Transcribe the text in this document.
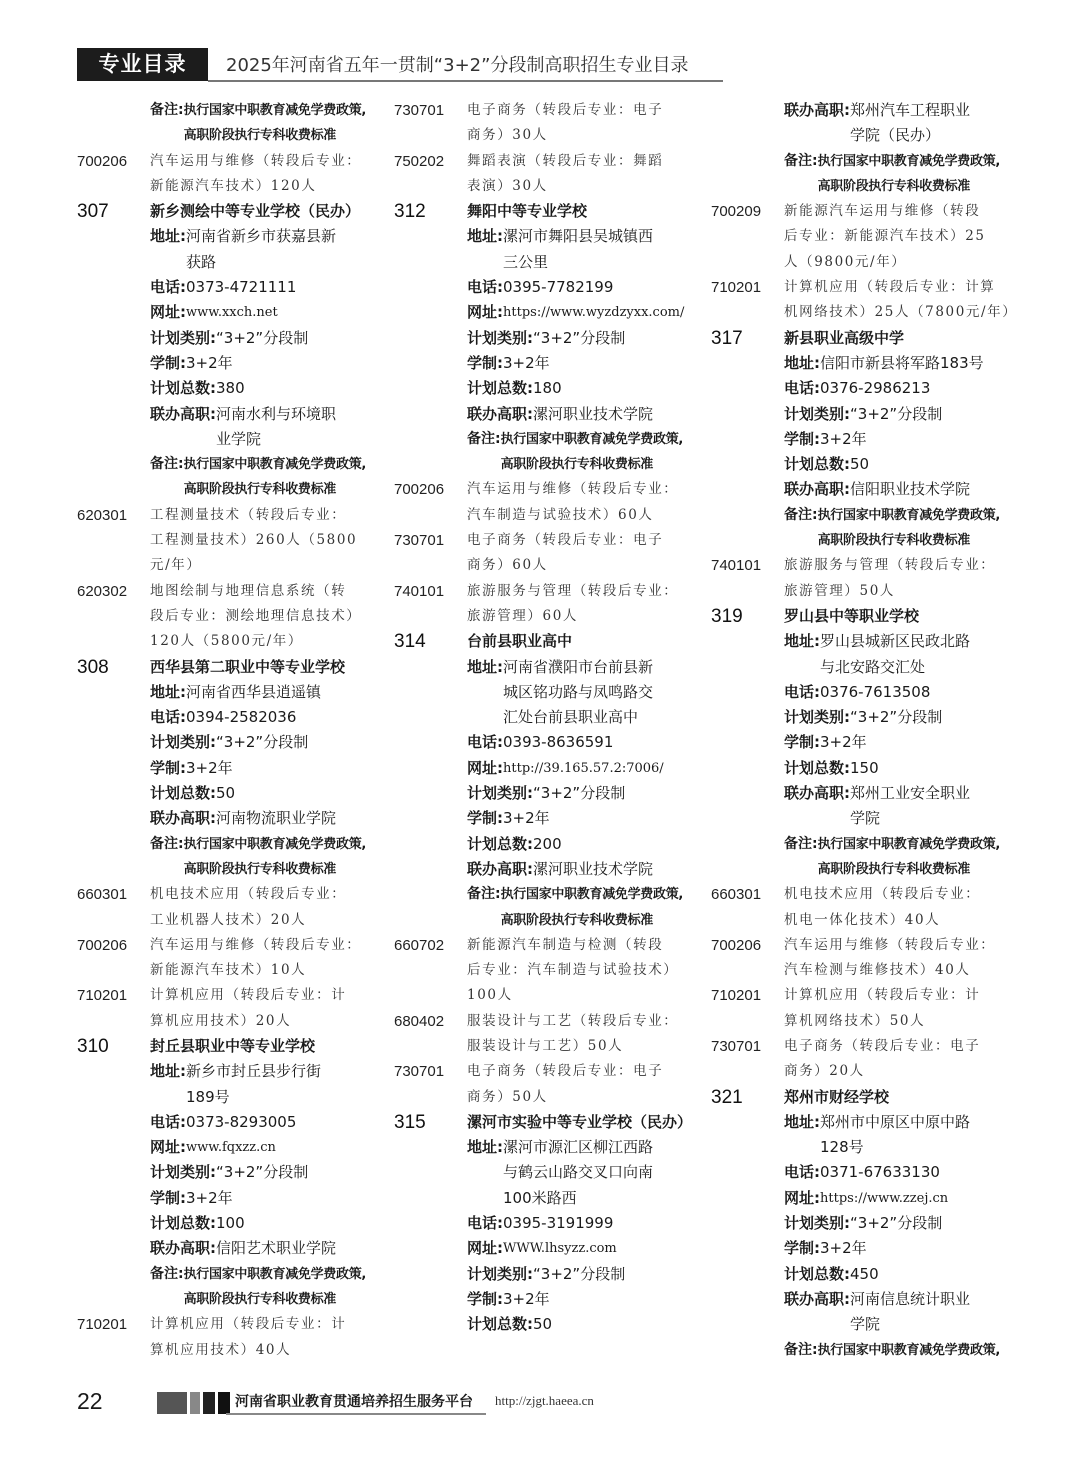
专业目录	2025年河南省五年一贯制“3+2”分段制高职招生专业目录
备注: 执行国家中职教育减免学费政策,
高职阶段执行专科收费标准
700206 汽车运用与维修（转段后专业：
新能源汽车技术）120人
307	新乡测绘中等专业学校（民办）
地址: 河南省新乡市获嘉县新
获路
电话: 0373-4721111
网址: www.xxch.net
计划类别: “3+2”分段制
学制: 3+2年
计划总数: 380
联办高职: 河南水利与环境职
业学院
备注: 执行国家中职教育减免学费政策,
高职阶段执行专科收费标准
620301 工程测量技术（转段后专业：
工程测量技术）260人（5800
元/年）
620302 地图绘制与地理信息系统（转
段后专业：测绘地理信息技术）
120人（5800元/年）
308	西华县第二职业中等专业学校
地址: 河南省西华县逍遥镇
电话: 0394-2582036
计划类别: “3+2”分段制
学制: 3+2年
计划总数: 50
联办高职: 河南物流职业学院
备注: 执行国家中职教育减免学费政策,
高职阶段执行专科收费标准
660301 机电技术应用（转段后专业：
工业机器人技术）20人
700206 汽车运用与维修（转段后专业：
新能源汽车技术）10人
710201 计算机应用（转段后专业：计
算机应用技术）20人
310	封丘县职业中等专业学校
地址: 新乡市封丘县步行街
189号
电话: 0373-8293005
网址: www.fqxzz.cn
计划类别: “3+2”分段制
学制: 3+2年
计划总数: 100
联办高职: 信阳艺术职业学院
备注: 执行国家中职教育减免学费政策,
高职阶段执行专科收费标准
710201 计算机应用（转段后专业：计
算机应用技术）40人
730701 电子商务（转段后专业：电子
商务）30人
750202 舞蹈表演（转段后专业：舞蹈
表演）30人
312	舞阳中等专业学校
地址: 漯河市舞阳县吴城镇西
三公里
电话: 0395-7782199
网址: https://www.wyzdzyxx.com/
计划类别: “3+2”分段制
学制: 3+2年
计划总数: 180
联办高职: 漯河职业技术学院
备注: 执行国家中职教育减免学费政策,
高职阶段执行专科收费标准
700206 汽车运用与维修（转段后专业：
汽车制造与试验技术）60人
730701 电子商务（转段后专业：电子
商务）60人
740101 旅游服务与管理（转段后专业：
旅游管理）60人
314	台前县职业高中
地址: 河南省濮阳市台前县新
城区铭功路与凤鸣路交
汇处台前县职业高中
电话: 0393-8636591
网址: http://39.165.57.2:7006/
计划类别: “3+2”分段制
学制: 3+2年
计划总数: 200
联办高职: 漯河职业技术学院
备注: 执行国家中职教育减免学费政策,
高职阶段执行专科收费标准
660702 新能源汽车制造与检测（转段
后专业：汽车制造与试验技术）
100人
680402 服装设计与工艺（转段后专业：
服装设计与工艺）50人
730701 电子商务（转段后专业：电子
商务）50人
315	漯河市实验中等专业学校（民办）
地址: 漯河市源汇区柳江西路
与鹤云山路交叉口向南
100米路西
电话: 0395-3191999
网址: WWW.lhsyzz.com
计划类别: “3+2”分段制
学制: 3+2年
计划总数: 50
联办高职: 郑州汽车工程职业
学院（民办）
备注: 执行国家中职教育减免学费政策,
高职阶段执行专科收费标准
700209 新能源汽车运用与维修（转段
后专业：新能源汽车技术）25
人（9800元/年）
710201 计算机应用（转段后专业：计算
机网络技术）25人（7800元/年）
317	新县职业高级中学
地址: 信阳市新县将军路183号
电话: 0376-2986213
计划类别: “3+2”分段制
学制: 3+2年
计划总数: 50
联办高职: 信阳职业技术学院
备注: 执行国家中职教育减免学费政策,
高职阶段执行专科收费标准
740101 旅游服务与管理（转段后专业：
旅游管理）50人
319	罗山县中等职业学校
地址: 罗山县城新区民政北路
与北安路交汇处
电话: 0376-7613508
计划类别: “3+2”分段制
学制: 3+2年
计划总数: 150
联办高职: 郑州工业安全职业
学院
备注: 执行国家中职教育减免学费政策,
高职阶段执行专科收费标准
660301 机电技术应用（转段后专业：
机电一体化技术）40人
700206 汽车运用与维修（转段后专业：
汽车检测与维修技术）40人
710201 计算机应用（转段后专业：计
算机网络技术）50人
730701 电子商务（转段后专业：电子
商务）20人
321	郑州市财经学校
地址: 郑州市中原区中原中路
128号
电话: 0371-67633130
网址: https://www.zzej.cn
计划类别: “3+2”分段制
学制: 3+2年
计划总数: 450
联办高职: 河南信息统计职业
学院
备注: 执行国家中职教育减免学费政策,
22	河南省职业教育贯通培养招生服务平台 http://zjgt.haeea.cn
